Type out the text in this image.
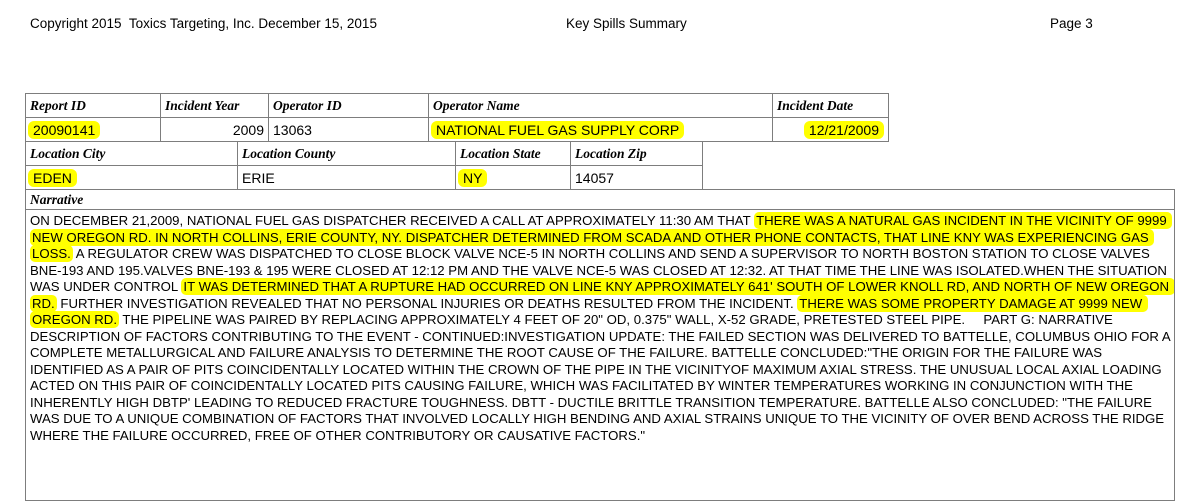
Copyright 2015  Toxics Targeting, Inc. December 15, 2015	Key Spills Summary	Page 3
Report ID	Incident Year	Operator ID	Operator Name	Incident Date
20090141	2009	13063	NATIONAL FUEL GAS SUPPLY CORP	12/21/2009
Location City	Location County	Location State	Location Zip
EDEN	ERIE	NY	14057
Narrative
ON DECEMBER 21,2009, NATIONAL FUEL GAS DISPATCHER RECEIVED A CALL AT APPROXIMATELY 11:30 AM THAT THERE WAS A NATURAL GAS INCIDENT IN THE VICINITY OF 9999 NEW OREGON RD. IN NORTH COLLINS, ERIE COUNTY, NY. DISPATCHER DETERMINED FROM SCADA AND OTHER PHONE CONTACTS, THAT LINE KNY WAS EXPERIENCING GAS LOSS. A REGULATOR CREW WAS DISPATCHED TO CLOSE BLOCK VALVE NCE-5 IN NORTH COLLINS AND SEND A SUPERVISOR TO NORTH BOSTON STATION TO CLOSE VALVES BNE-193 AND 195.VALVES BNE-193 & 195 WERE CLOSED AT 12:12 PM AND THE VALVE NCE-5 WAS CLOSED AT 12:32. AT THAT TIME THE LINE WAS ISOLATED.WHEN THE SITUATION WAS UNDER CONTROL IT WAS DETERMINED THAT A RUPTURE HAD OCCURRED ON LINE KNY APPROXIMATELY 641' SOUTH OF LOWER KNOLL RD, AND NORTH OF NEW OREGON RD. FURTHER INVESTIGATION REVEALED THAT NO PERSONAL INJURIES OR DEATHS RESULTED FROM THE INCIDENT. THERE WAS SOME PROPERTY DAMAGE AT 9999 NEW OREGON RD. THE PIPELINE WAS PAIRED BY REPLACING APPROXIMATELY 4 FEET OF 20" OD, 0.375" WALL, X-52 GRADE, PRETESTED STEEL PIPE.     PART G: NARRATIVE DESCRIPTION OF FACTORS CONTRIBUTING TO THE EVENT - CONTINUED:INVESTIGATION UPDATE: THE FAILED SECTION WAS DELIVERED TO BATTELLE, COLUMBUS OHIO FOR A COMPLETE METALLURGICAL AND FAILURE ANALYSIS TO DETERMINE THE ROOT CAUSE OF THE FAILURE. BATTELLE CONCLUDED:"THE ORIGIN FOR THE FAILURE WAS IDENTIFIED AS A PAIR OF PITS COINCIDENTALLY LOCATED WITHIN THE CROWN OF THE PIPE IN THE VICINITYOF MAXIMUM AXIAL STRESS. THE UNUSUAL LOCAL AXIAL LOADING ACTED ON THIS PAIR OF COINCIDENTALLY LOCATED PITS CAUSING FAILURE, WHICH WAS FACILITATED BY WINTER TEMPERATURES WORKING IN CONJUNCTION WITH THE INHERENTLY HIGH DBTP' LEADING TO REDUCED FRACTURE TOUGHNESS. DBTT - DUCTILE BRITTLE TRANSITION TEMPERATURE. BATTELLE ALSO CONCLUDED: "THE FAILURE WAS DUE TO A UNIQUE COMBINATION OF FACTORS THAT INVOLVED LOCALLY HIGH BENDING AND AXIAL STRAINS UNIQUE TO THE VICINITY OF OVER BEND ACROSS THE RIDGE WHERE THE FAILURE OCCURRED, FREE OF OTHER CONTRIBUTORY OR CAUSATIVE FACTORS."
